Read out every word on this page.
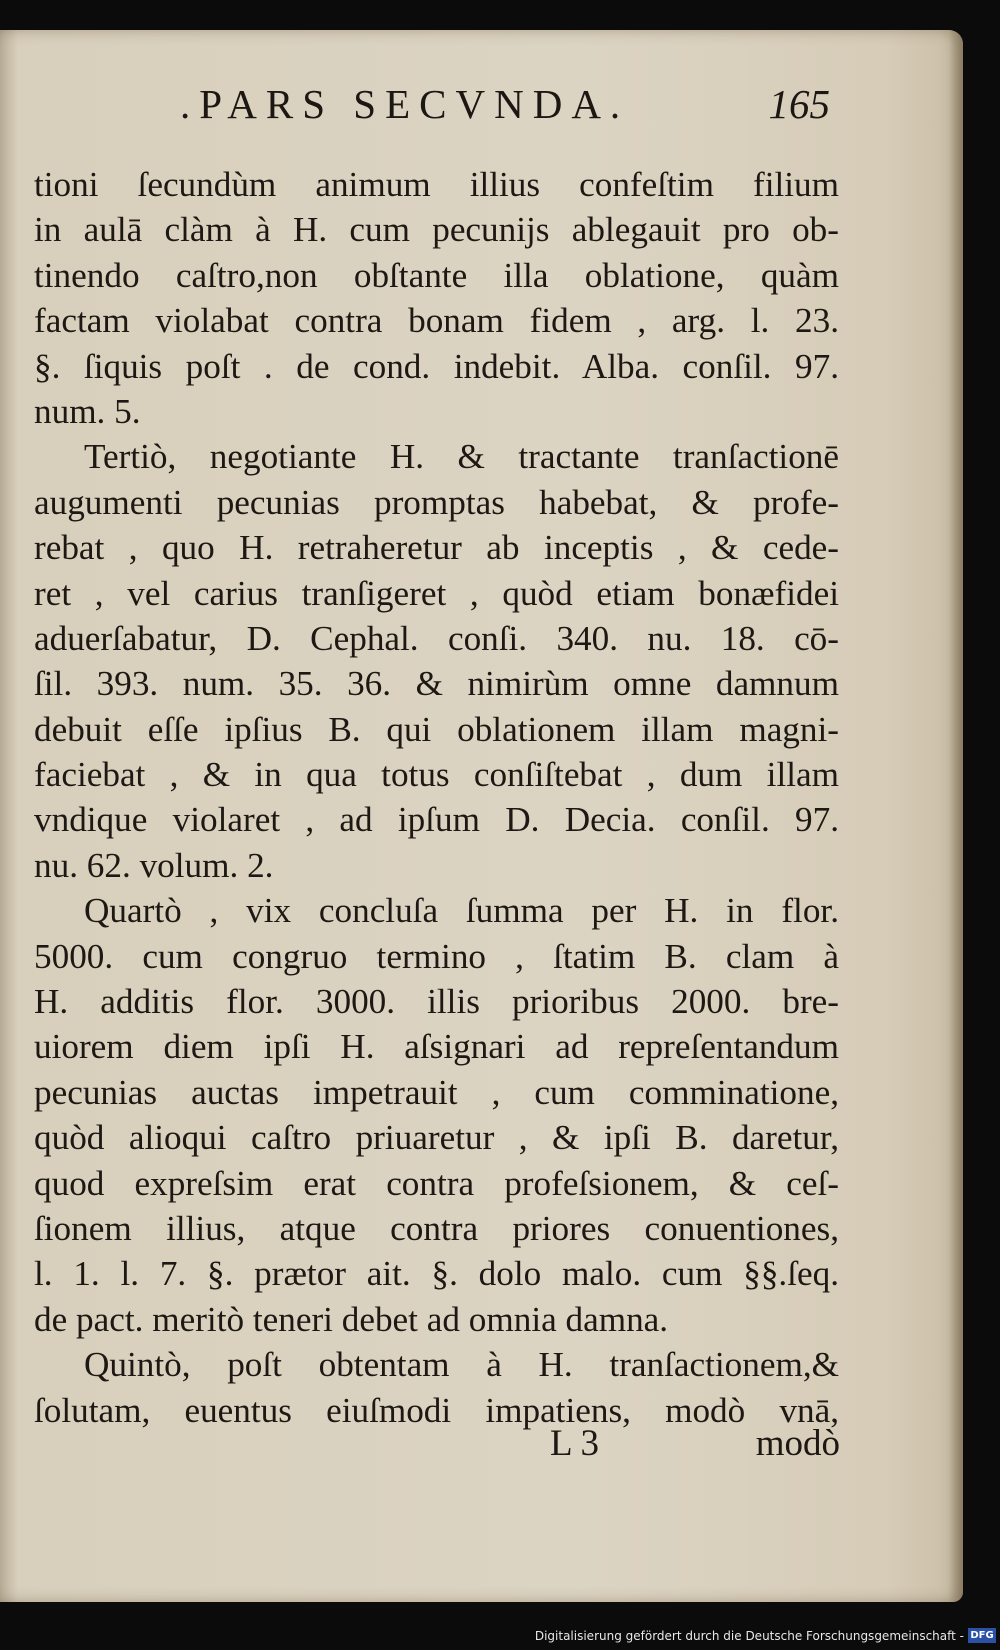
.PARS SECVNDA.	165
tioni ſecundùm animum illius confeſtim filium
in aulā clàm à H. cum pecunijs ablegauit pro ob-
tinendo caſtro,non obſtante illa oblatione, quàm
factam violabat contra bonam fidem , arg. l. 23.
§. ſiquis poſt . de cond. indebit. Alba. conſil. 97.
num. 5.
Tertiò, negotiante H. & tractante tranſactionē
augumenti pecunias promptas habebat, & profe-
rebat , quo H. retraheretur ab inceptis , & cede-
ret , vel carius tranſigeret , quòd etiam bonæfidei
aduerſabatur, D. Cephal. conſi. 340. nu. 18. cō-
ſil. 393. num. 35. 36. & nimirùm omne damnum
debuit eſſe ipſius B. qui oblationem illam magni-
faciebat , & in qua totus conſiſtebat , dum illam
vndique violaret , ad ipſum D. Decia. conſil. 97.
nu. 62. volum. 2.
Quartò , vix concluſa ſumma per H. in flor.
5000. cum congruo termino , ſtatim B. clam à
H. additis flor. 3000. illis prioribus 2000. bre-
uiorem diem ipſi H. aſsignari ad repreſentandum
pecunias auctas impetrauit , cum comminatione,
quòd alioqui caſtro priuaretur , & ipſi B. daretur,
quod expreſsim erat contra profeſsionem, & ceſ-
ſionem illius, atque contra priores conuentiones,
l. 1. l. 7. §. prætor ait. §. dolo malo. cum §§.ſeq.
de pact. meritò teneri debet ad omnia damna.
Quintò, poſt obtentam à H. tranſactionem,&
ſolutam, euentus eiuſmodi impatiens, modò vnā,
L 3	modò
Digitalisierung gefördert durch die Deutsche Forschungsgemeinschaft - DFG
